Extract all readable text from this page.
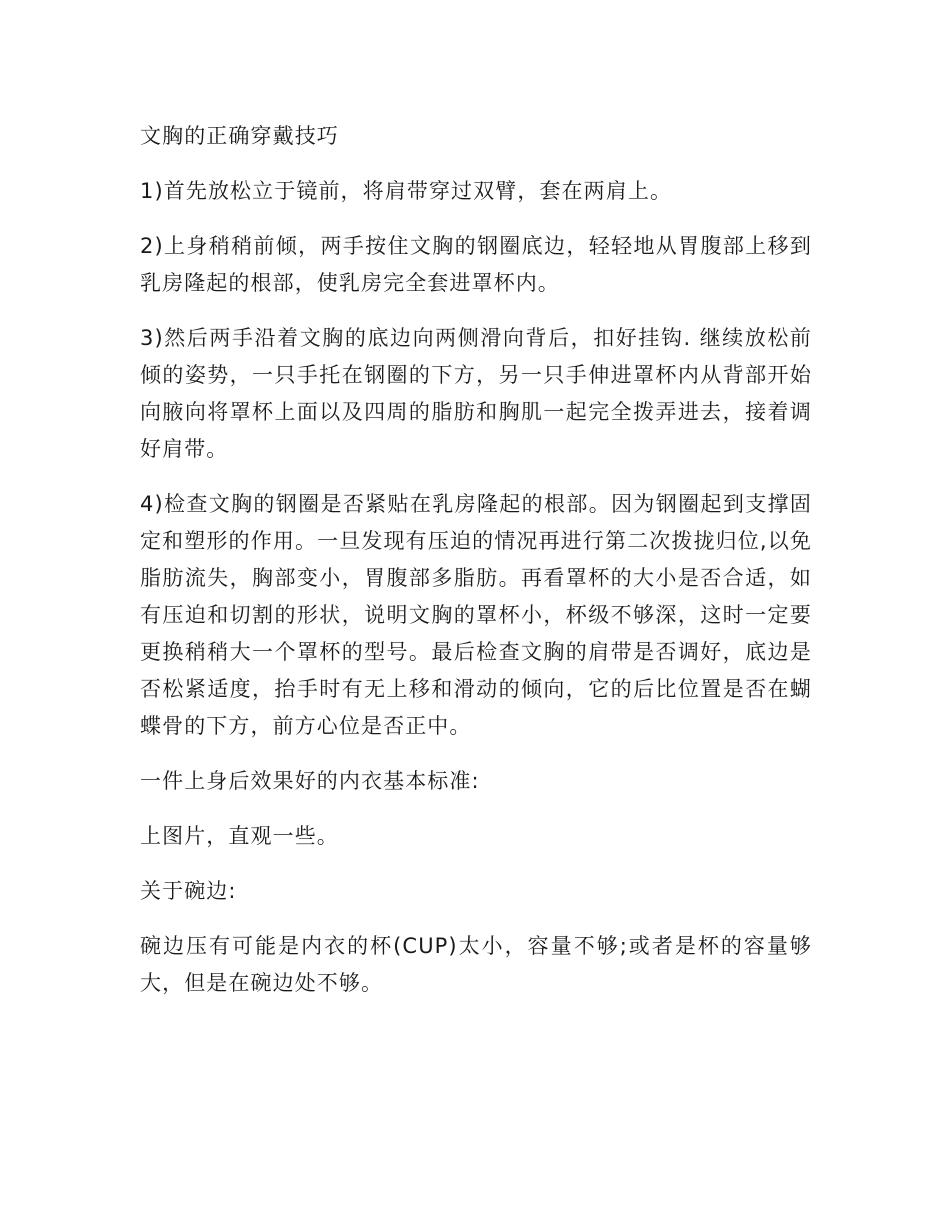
文胸的正确穿戴技巧

1)首先放松立于镜前，将肩带穿过双臂，套在两肩上。

2)上身稍稍前倾，两手按住文胸的钢圈底边，轻轻地从胃腹部上移到乳房隆起的根部，使乳房完全套进罩杯内。

3)然后两手沿着文胸的底边向两侧滑向背后，扣好挂钩. 继续放松前倾的姿势，一只手托在钢圈的下方，另一只手伸进罩杯内从背部开始向腋向将罩杯上面以及四周的脂肪和胸肌一起完全拨弄进去，接着调好肩带。

4)检查文胸的钢圈是否紧贴在乳房隆起的根部。因为钢圈起到支撑固定和塑形的作用。一旦发现有压迫的情况再进行第二次拨拢归位,以免脂肪流失，胸部变小，胃腹部多脂肪。再看罩杯的大小是否合适，如有压迫和切割的形状，说明文胸的罩杯小，杯级不够深，这时一定要更换稍稍大一个罩杯的型号。最后检查文胸的肩带是否调好，底边是否松紧适度，抬手时有无上移和滑动的倾向，它的后比位置是否在蝴蝶骨的下方，前方心位是否正中。

一件上身后效果好的内衣基本标准:

上图片，直观一些。

关于碗边:

碗边压有可能是内衣的杯(CUP)太小，容量不够;或者是杯的容量够大，但是在碗边处不够。
